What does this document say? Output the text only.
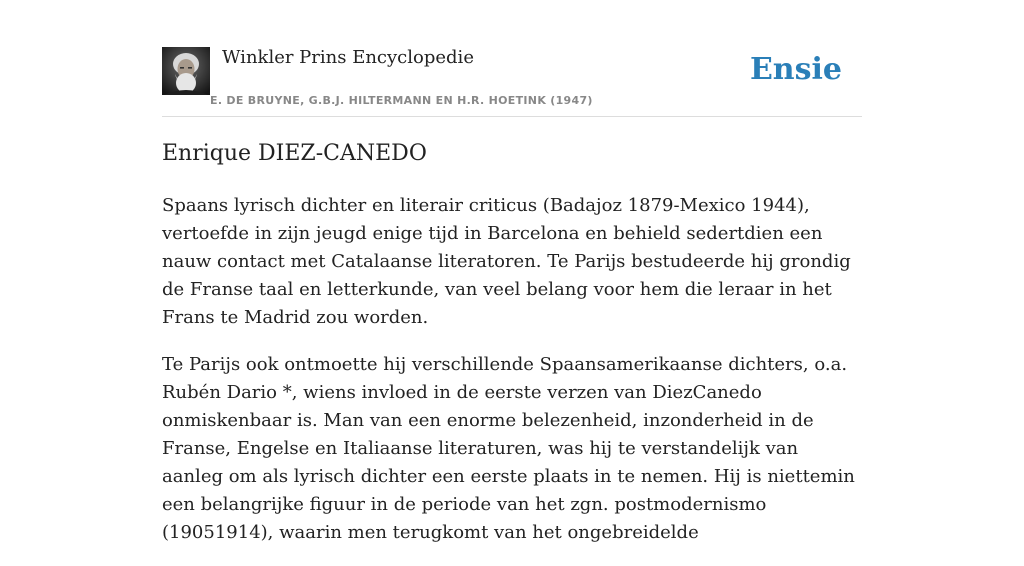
Winkler Prins Encyclopedie
E. DE BRUYNE, G.B.J. HILTERMANN EN H.R. HOETINK (1947)
Ensie
Enrique DIEZ-CANEDO

Spaans lyrisch dichter en literair criticus (Badajoz 1879-Mexico 1944), vertoefde in zijn jeugd enige tijd in Barcelona en behield sedertdien een nauw contact met Catalaanse literatoren. Te Parijs bestudeerde hij grondig de Franse taal en letterkunde, van veel belang voor hem die leraar in het Frans te Madrid zou worden.

Te Parijs ook ontmoette hij verschillende Spaansamerikaanse dichters, o.a. Rubén Dario *, wiens invloed in de eerste verzen van DiezCanedo onmiskenbaar is. Man van een enorme belezenheid, inzonderheid in de Franse, Engelse en Italiaanse literaturen, was hij te verstandelijk van aanleg om als lyrisch dichter een eerste plaats in te nemen. Hij is niettemin een belangrijke figuur in de periode van het zgn. postmodernismo (19051914), waarin men terugkomt van het ongebreidelde
